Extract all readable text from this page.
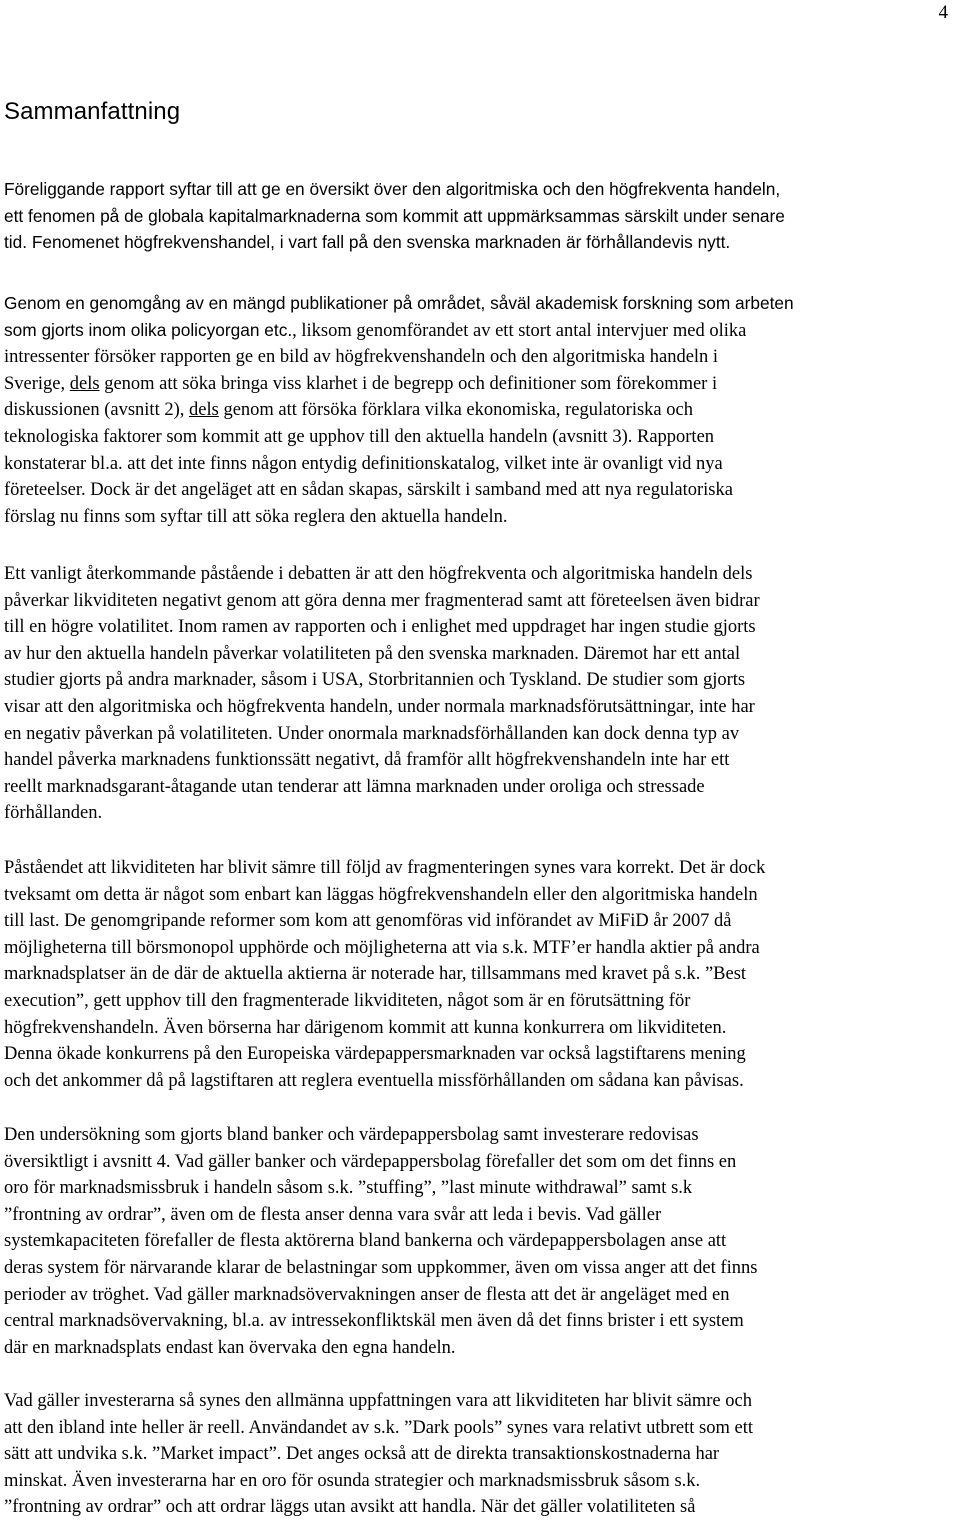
4
Sammanfattning
Föreliggande rapport syftar till att ge en översikt över den algoritmiska och den högfrekventa handeln,
ett fenomen på de globala kapitalmarknaderna som kommit att uppmärksammas särskilt under senare
tid. Fenomenet högfrekvenshandel, i vart fall på den svenska marknaden är förhållandevis nytt.
Genom en genomgång av en mängd publikationer på området, såväl akademisk forskning som arbeten
som gjorts inom olika policyorgan etc., liksom genomförandet av ett stort antal intervjuer med olika
intressenter försöker rapporten ge en bild av högfrekvenshandeln och den algoritmiska handeln i
Sverige, dels genom att söka bringa viss klarhet i de begrepp och definitioner som förekommer i
diskussionen (avsnitt 2), dels genom att försöka förklara vilka ekonomiska, regulatoriska och
teknologiska faktorer som kommit att ge upphov till den aktuella handeln (avsnitt 3). Rapporten
konstaterar bl.a. att det inte finns någon entydig definitionskatalog, vilket inte är ovanligt vid nya
företeelser. Dock är det angeläget att en sådan skapas, särskilt i samband med att nya regulatoriska
förslag nu finns som syftar till att söka reglera den aktuella handeln.
Ett vanligt återkommande påstående i debatten är att den högfrekventa och algoritmiska handeln dels
påverkar likviditeten negativt genom att göra denna mer fragmenterad samt att företeelsen även bidrar
till en högre volatilitet. Inom ramen av rapporten och i enlighet med uppdraget har ingen studie gjorts
av hur den aktuella handeln påverkar volatiliteten på den svenska marknaden. Däremot har ett antal
studier gjorts på andra marknader, såsom i USA, Storbritannien och Tyskland. De studier som gjorts
visar att den algoritmiska och högfrekventa handeln, under normala marknadsförutsättningar, inte har
en negativ påverkan på volatiliteten. Under onormala marknadsförhållanden kan dock denna typ av
handel påverka marknadens funktionssätt negativt, då framför allt högfrekvenshandeln inte har ett
reellt marknadsgarant-åtagande utan tenderar att lämna marknaden under oroliga och stressade
förhållanden.
Påståendet att likviditeten har blivit sämre till följd av fragmenteringen synes vara korrekt. Det är dock
tveksamt om detta är något som enbart kan läggas högfrekvenshandeln eller den algoritmiska handeln
till last. De genomgripande reformer som kom att genomföras vid införandet av MiFiD år 2007 då
möjligheterna till börsmonopol upphörde och möjligheterna att via s.k. MTF’er handla aktier på andra
marknadsplatser än de där de aktuella aktierna är noterade har, tillsammans med kravet på s.k. ”Best
execution”, gett upphov till den fragmenterade likviditeten, något som är en förutsättning för
högfrekvenshandeln. Även börserna har därigenom kommit att kunna konkurrera om likviditeten.
Denna ökade konkurrens på den Europeiska värdepappersmarknaden var också lagstiftarens mening
och det ankommer då på lagstiftaren att reglera eventuella missförhållanden om sådana kan påvisas.
Den undersökning som gjorts bland banker och värdepappersbolag samt investerare redovisas
översiktligt i avsnitt 4. Vad gäller banker och värdepappersbolag förefaller det som om det finns en
oro för marknadsmissbruk i handeln såsom s.k. ”stuffing”, ”last minute withdrawal” samt s.k
”frontning av ordrar”, även om de flesta anser denna vara svår att leda i bevis. Vad gäller
systemkapaciteten förefaller de flesta aktörerna bland bankerna och värdepappersbolagen anse att
deras system för närvarande klarar de belastningar som uppkommer, även om vissa anger att det finns
perioder av tröghet. Vad gäller marknadsövervakningen anser de flesta att det är angeläget med en
central marknadsövervakning, bl.a. av intressekonfliktskäl men även då det finns brister i ett system
där en marknadsplats endast kan övervaka den egna handeln.
Vad gäller investerarna så synes den allmänna uppfattningen vara att likviditeten har blivit sämre och
att den ibland inte heller är reell. Användandet av s.k. ”Dark pools” synes vara relativt utbrett som ett
sätt att undvika s.k. ”Market impact”. Det anges också att de direkta transaktionskostnaderna har
minskat. Även investerarna har en oro för osunda strategier och marknadsmissbruk såsom s.k.
”frontning av ordrar” och att ordrar läggs utan avsikt att handla. När det gäller volatiliteten så
